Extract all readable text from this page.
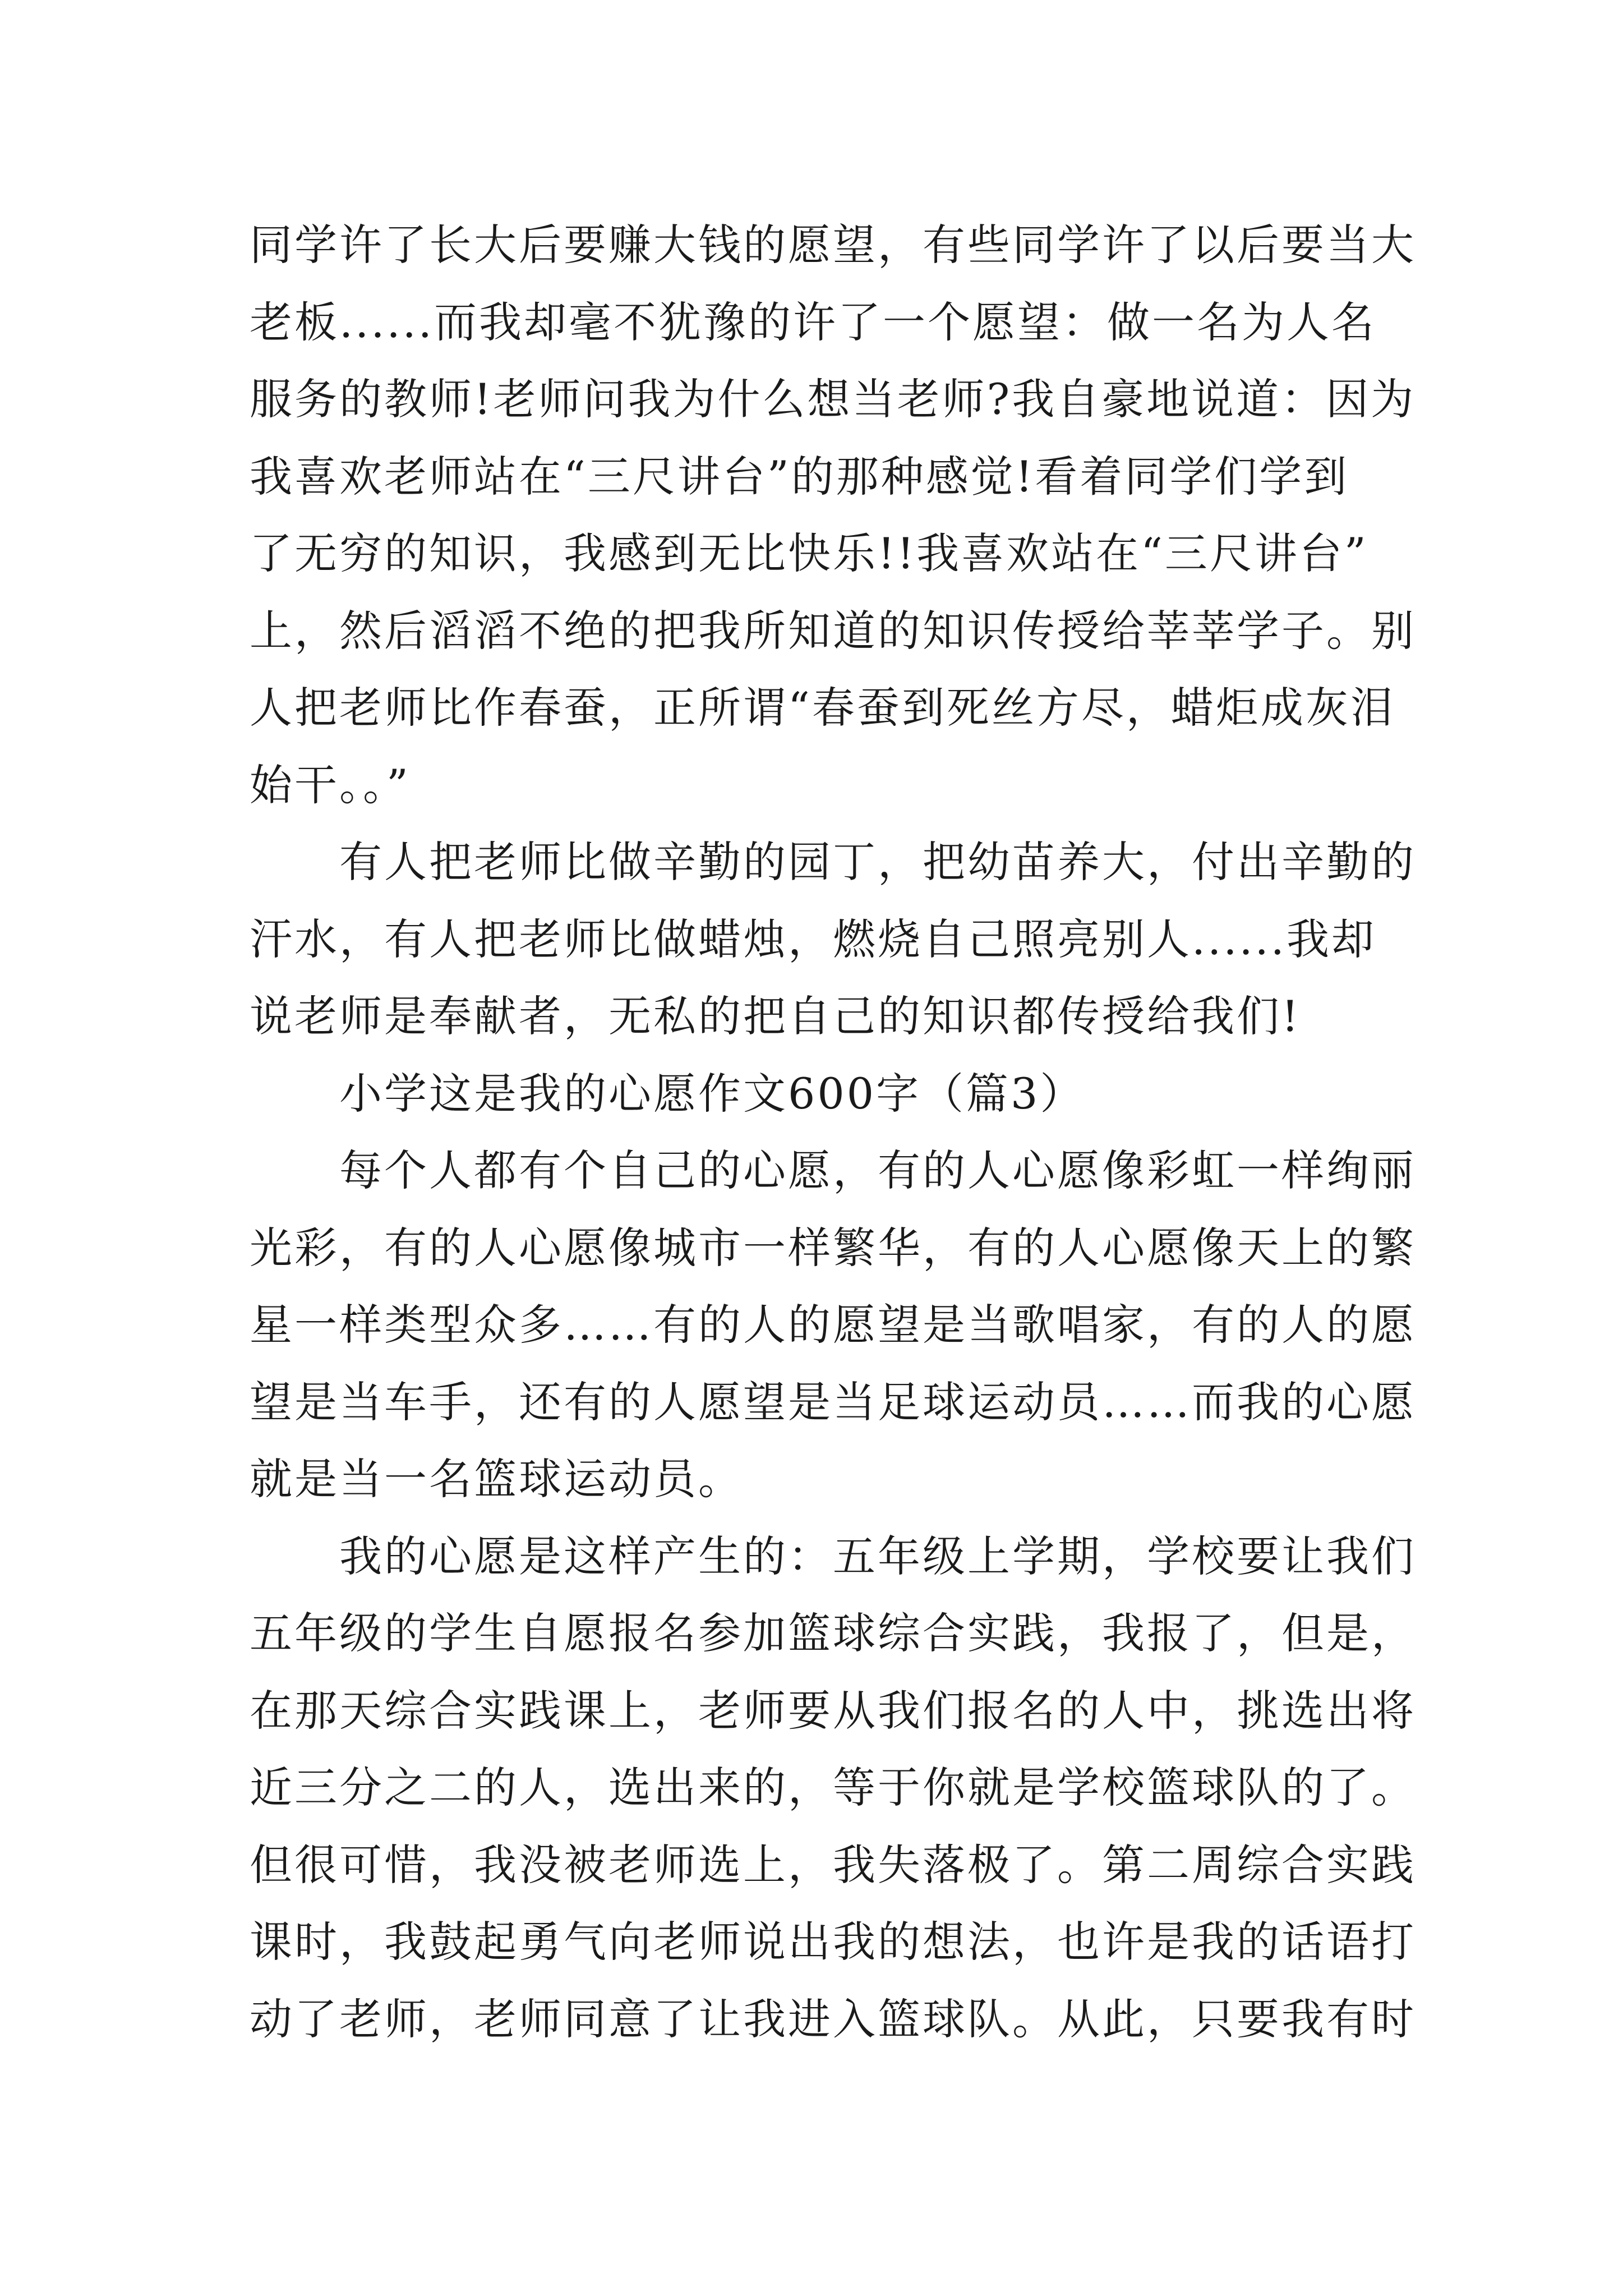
同学许了长大后要赚大钱的愿望，有些同学许了以后要当大
老板......而我却毫不犹豫的许了一个愿望：做一名为人名
服务的教师!老师问我为什么想当老师?我自豪地说道：因为
我喜欢老师站在“三尺讲台”的那种感觉!看着同学们学到
了无穷的知识，我感到无比快乐!!我喜欢站在“三尺讲台”
上，然后滔滔不绝的把我所知道的知识传授给莘莘学子。别
人把老师比作春蚕，正所谓“春蚕到死丝方尽，蜡炬成灰泪
始干。。”
有人把老师比做辛勤的园丁，把幼苗养大，付出辛勤的
汗水，有人把老师比做蜡烛，燃烧自己照亮别人......我却
说老师是奉献者，无私的把自己的知识都传授给我们!
小学这是我的心愿作文600字（篇3）
每个人都有个自己的心愿，有的人心愿像彩虹一样绚丽
光彩，有的人心愿像城市一样繁华，有的人心愿像天上的繁
星一样类型众多……有的人的愿望是当歌唱家，有的人的愿
望是当车手，还有的人愿望是当足球运动员……而我的心愿
就是当一名篮球运动员。
我的心愿是这样产生的：五年级上学期，学校要让我们
五年级的学生自愿报名参加篮球综合实践，我报了，但是，
在那天综合实践课上，老师要从我们报名的人中，挑选出将
近三分之二的人，选出来的，等于你就是学校篮球队的了。
但很可惜，我没被老师选上，我失落极了。第二周综合实践
课时，我鼓起勇气向老师说出我的想法，也许是我的话语打
动了老师，老师同意了让我进入篮球队。从此，只要我有时
